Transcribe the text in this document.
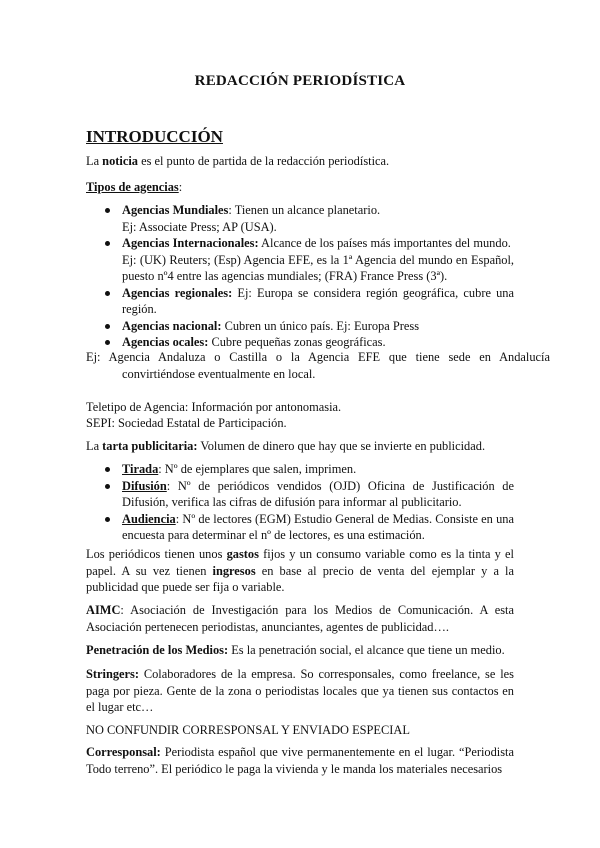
REDACCIÓN PERIODÍSTICA
INTRODUCCIÓN
La noticia es el punto de partida de la redacción periodística.
Tipos de agencias:
Agencias Mundiales: Tienen un alcance planetario.
Ej: Associate Press; AP (USA).
Agencias Internacionales: Alcance de los países más importantes del mundo.
Ej: (UK) Reuters; (Esp) Agencia EFE, es la 1ª Agencia del mundo en Español, puesto nº4 entre las agencias mundiales; (FRA) France Press (3ª).
Agencias regionales: Ej: Europa se considera región geográfica, cubre una región.
Agencias nacional: Cubren un único país. Ej: Europa Press
Agencias ocales: Cubre pequeñas zonas geográficas.
Ej: Agencia Andaluza o Castilla o la Agencia EFE que tiene sede en Andalucía convirtiéndose eventualmente en local.
Teletipo de Agencia: Información por antonomasia.
SEPI: Sociedad Estatal de Participación.
La tarta publicitaria: Volumen de dinero que hay que se invierte en publicidad.
Tirada: Nº de ejemplares que salen, imprimen.
Difusión: Nº de periódicos vendidos (OJD) Oficina de Justificación de Difusión, verifica las cifras de difusión para informar al publicitario.
Audiencia: Nº de lectores (EGM) Estudio General de Medias. Consiste en una encuesta para determinar el nº de lectores, es una estimación.
Los periódicos tienen unos gastos fijos y un consumo variable como es la tinta y el papel. A su vez tienen ingresos en base al precio de venta del ejemplar y a la publicidad que puede ser fija o variable.
AIMC: Asociación de Investigación para los Medios de Comunicación. A esta Asociación pertenecen periodistas, anunciantes, agentes de publicidad….
Penetración de los Medios: Es la penetración social, el alcance que tiene un medio.
Stringers: Colaboradores de la empresa. So corresponsales, como freelance, se les paga por pieza. Gente de la zona o periodistas locales que ya tienen sus contactos en el lugar etc…
NO CONFUNDIR CORRESPONSAL Y ENVIADO ESPECIAL
Corresponsal: Periodista español que vive permanentemente en el lugar. “Periodista Todo terreno”. El periódico le paga la vivienda y le manda los materiales necesarios
